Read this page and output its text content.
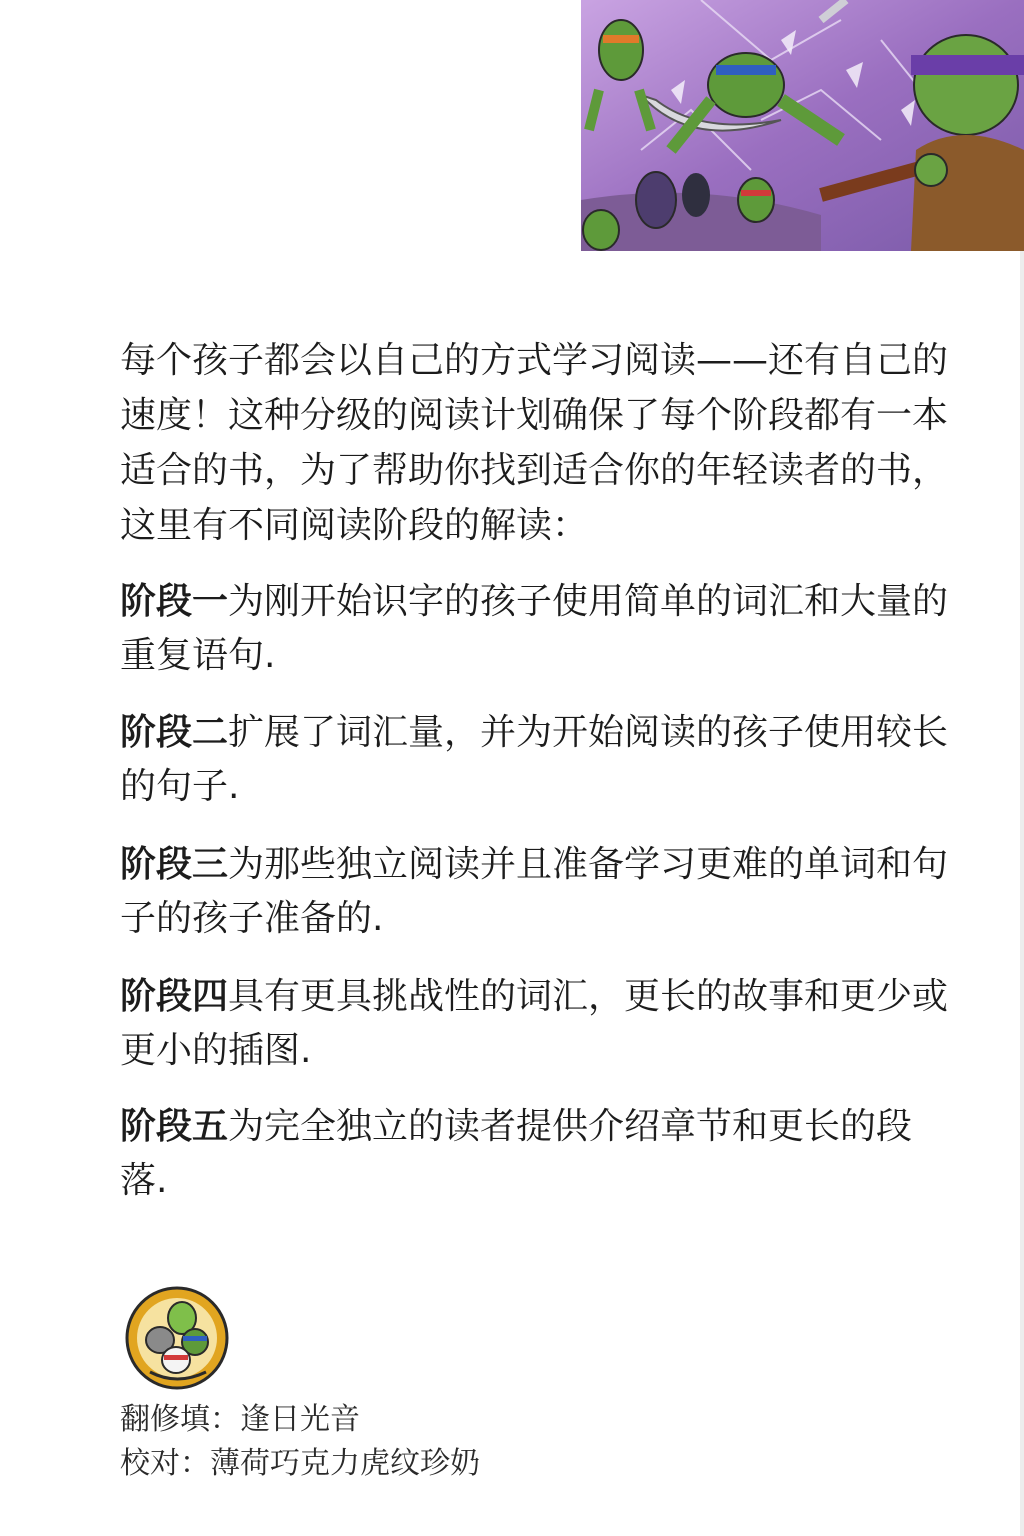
每个孩子都会以自己的方式学习阅读——还有自己的速度！这种分级的阅读计划确保了每个阶段都有一本适合的书，为了帮助你找到适合你的年轻读者的书，这里有不同阅读阶段的解读：

阶段一为刚开始识字的孩子使用简单的词汇和大量的重复语句.

阶段二扩展了词汇量，并为开始阅读的孩子使用较长的句子.

阶段三为那些独立阅读并且准备学习更难的单词和句子的孩子准备的.

阶段四具有更具挑战性的词汇，更长的故事和更少或更小的插图.

阶段五为完全独立的读者提供介绍章节和更长的段落.

翻修填：逢日光音
校对：薄荷巧克力虎纹珍奶
